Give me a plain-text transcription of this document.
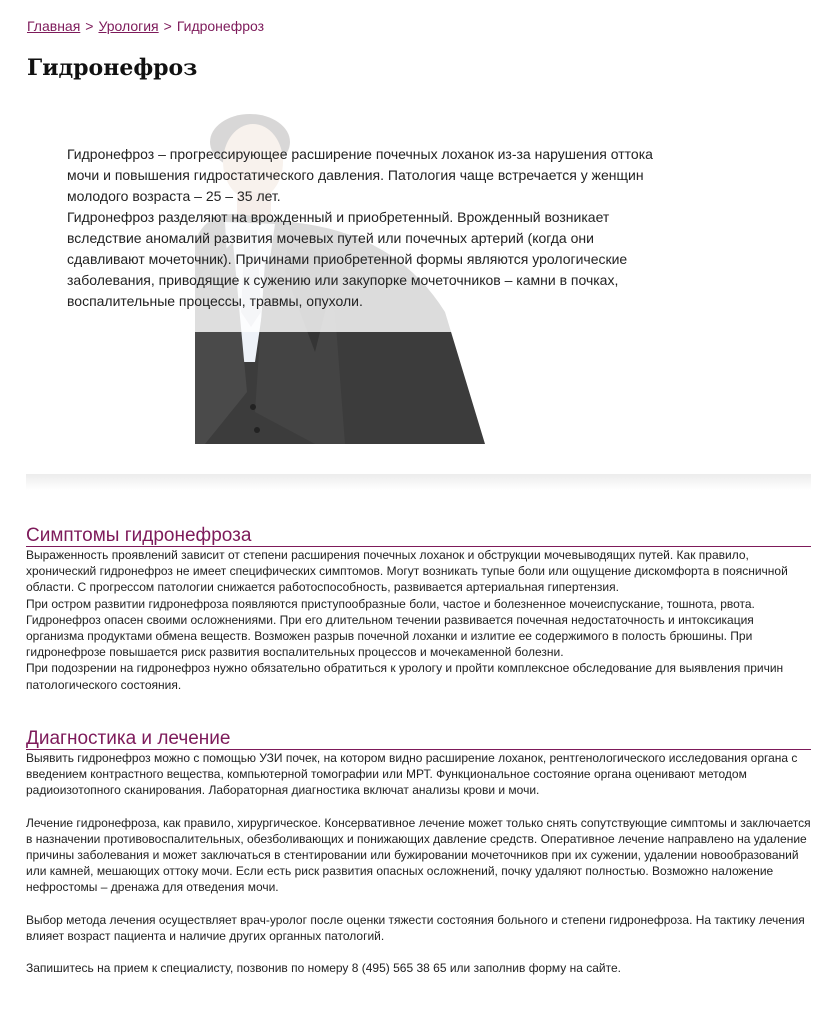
Главная > Урология > Гидронефроз
Гидронефроз

Гидронефроз – прогрессирующее расширение почечных лоханок из-за нарушения оттока мочи и повышения гидростатического давления. Патология чаще встречается у женщин молодого возраста – 25 – 35 лет.

Гидронефроз разделяют на врожденный и приобретенный. Врожденный возникает вследствие аномалий развития мочевых путей или почечных артерий (когда они сдавливают мочеточник). Причинами приобретенной формы являются урологические заболевания, приводящие к сужению или закупорке мочеточников – камни в почках, воспалительные процессы, травмы, опухоли.

Симптомы гидронефроза

Выраженность проявлений зависит от степени расширения почечных лоханок и обструкции мочевыводящих путей. Как правило, хронический гидронефроз не имеет специфических симптомов. Могут возникать тупые боли или ощущение дискомфорта в поясничной области. С прогрессом патологии снижается работоспособность, развивается артериальная гипертензия.

При остром развитии гидронефроза появляются приступообразные боли, частое и болезненное мочеиспускание, тошнота, рвота.

Гидронефроз опасен своими осложнениями. При его длительном течении развивается почечная недостаточность и интоксикация организма продуктами обмена веществ. Возможен разрыв почечной лоханки и излитие ее содержимого в полость брюшины. При гидронефрозе повышается риск развития воспалительных процессов и мочекаменной болезни.

При подозрении на гидронефроз нужно обязательно обратиться к урологу и пройти комплексное обследование для выявления причин патологического состояния.

Диагностика и лечение

Выявить гидронефроз можно с помощью УЗИ почек, на котором видно расширение лоханок, рентгенологического исследования органа с введением контрастного вещества, компьютерной томографии или МРТ. Функциональное состояние органа оценивают методом радиоизотопного сканирования. Лабораторная диагностика включат анализы крови и мочи.

Лечение гидронефроза, как правило, хирургическое. Консервативное лечение может только снять сопутствующие симптомы и заключается в назначении противовоспалительных, обезболивающих и понижающих давление средств. Оперативное лечение направлено на удаление причины заболевания и может заключаться в стентировании или бужировании мочеточников при их сужении, удалении новообразований или камней, мешающих оттоку мочи. Если есть риск развития опасных осложнений, почку удаляют полностью. Возможно наложение нефростомы – дренажа для отведения мочи.

Выбор метода лечения осуществляет врач-уролог после оценки тяжести состояния больного и степени гидронефроза. На тактику лечения влияет возраст пациента и наличие других органных патологий.

Запишитесь на прием к специалисту, позвонив по номеру 8 (495) 565 38 65 или заполнив форму на сайте.
